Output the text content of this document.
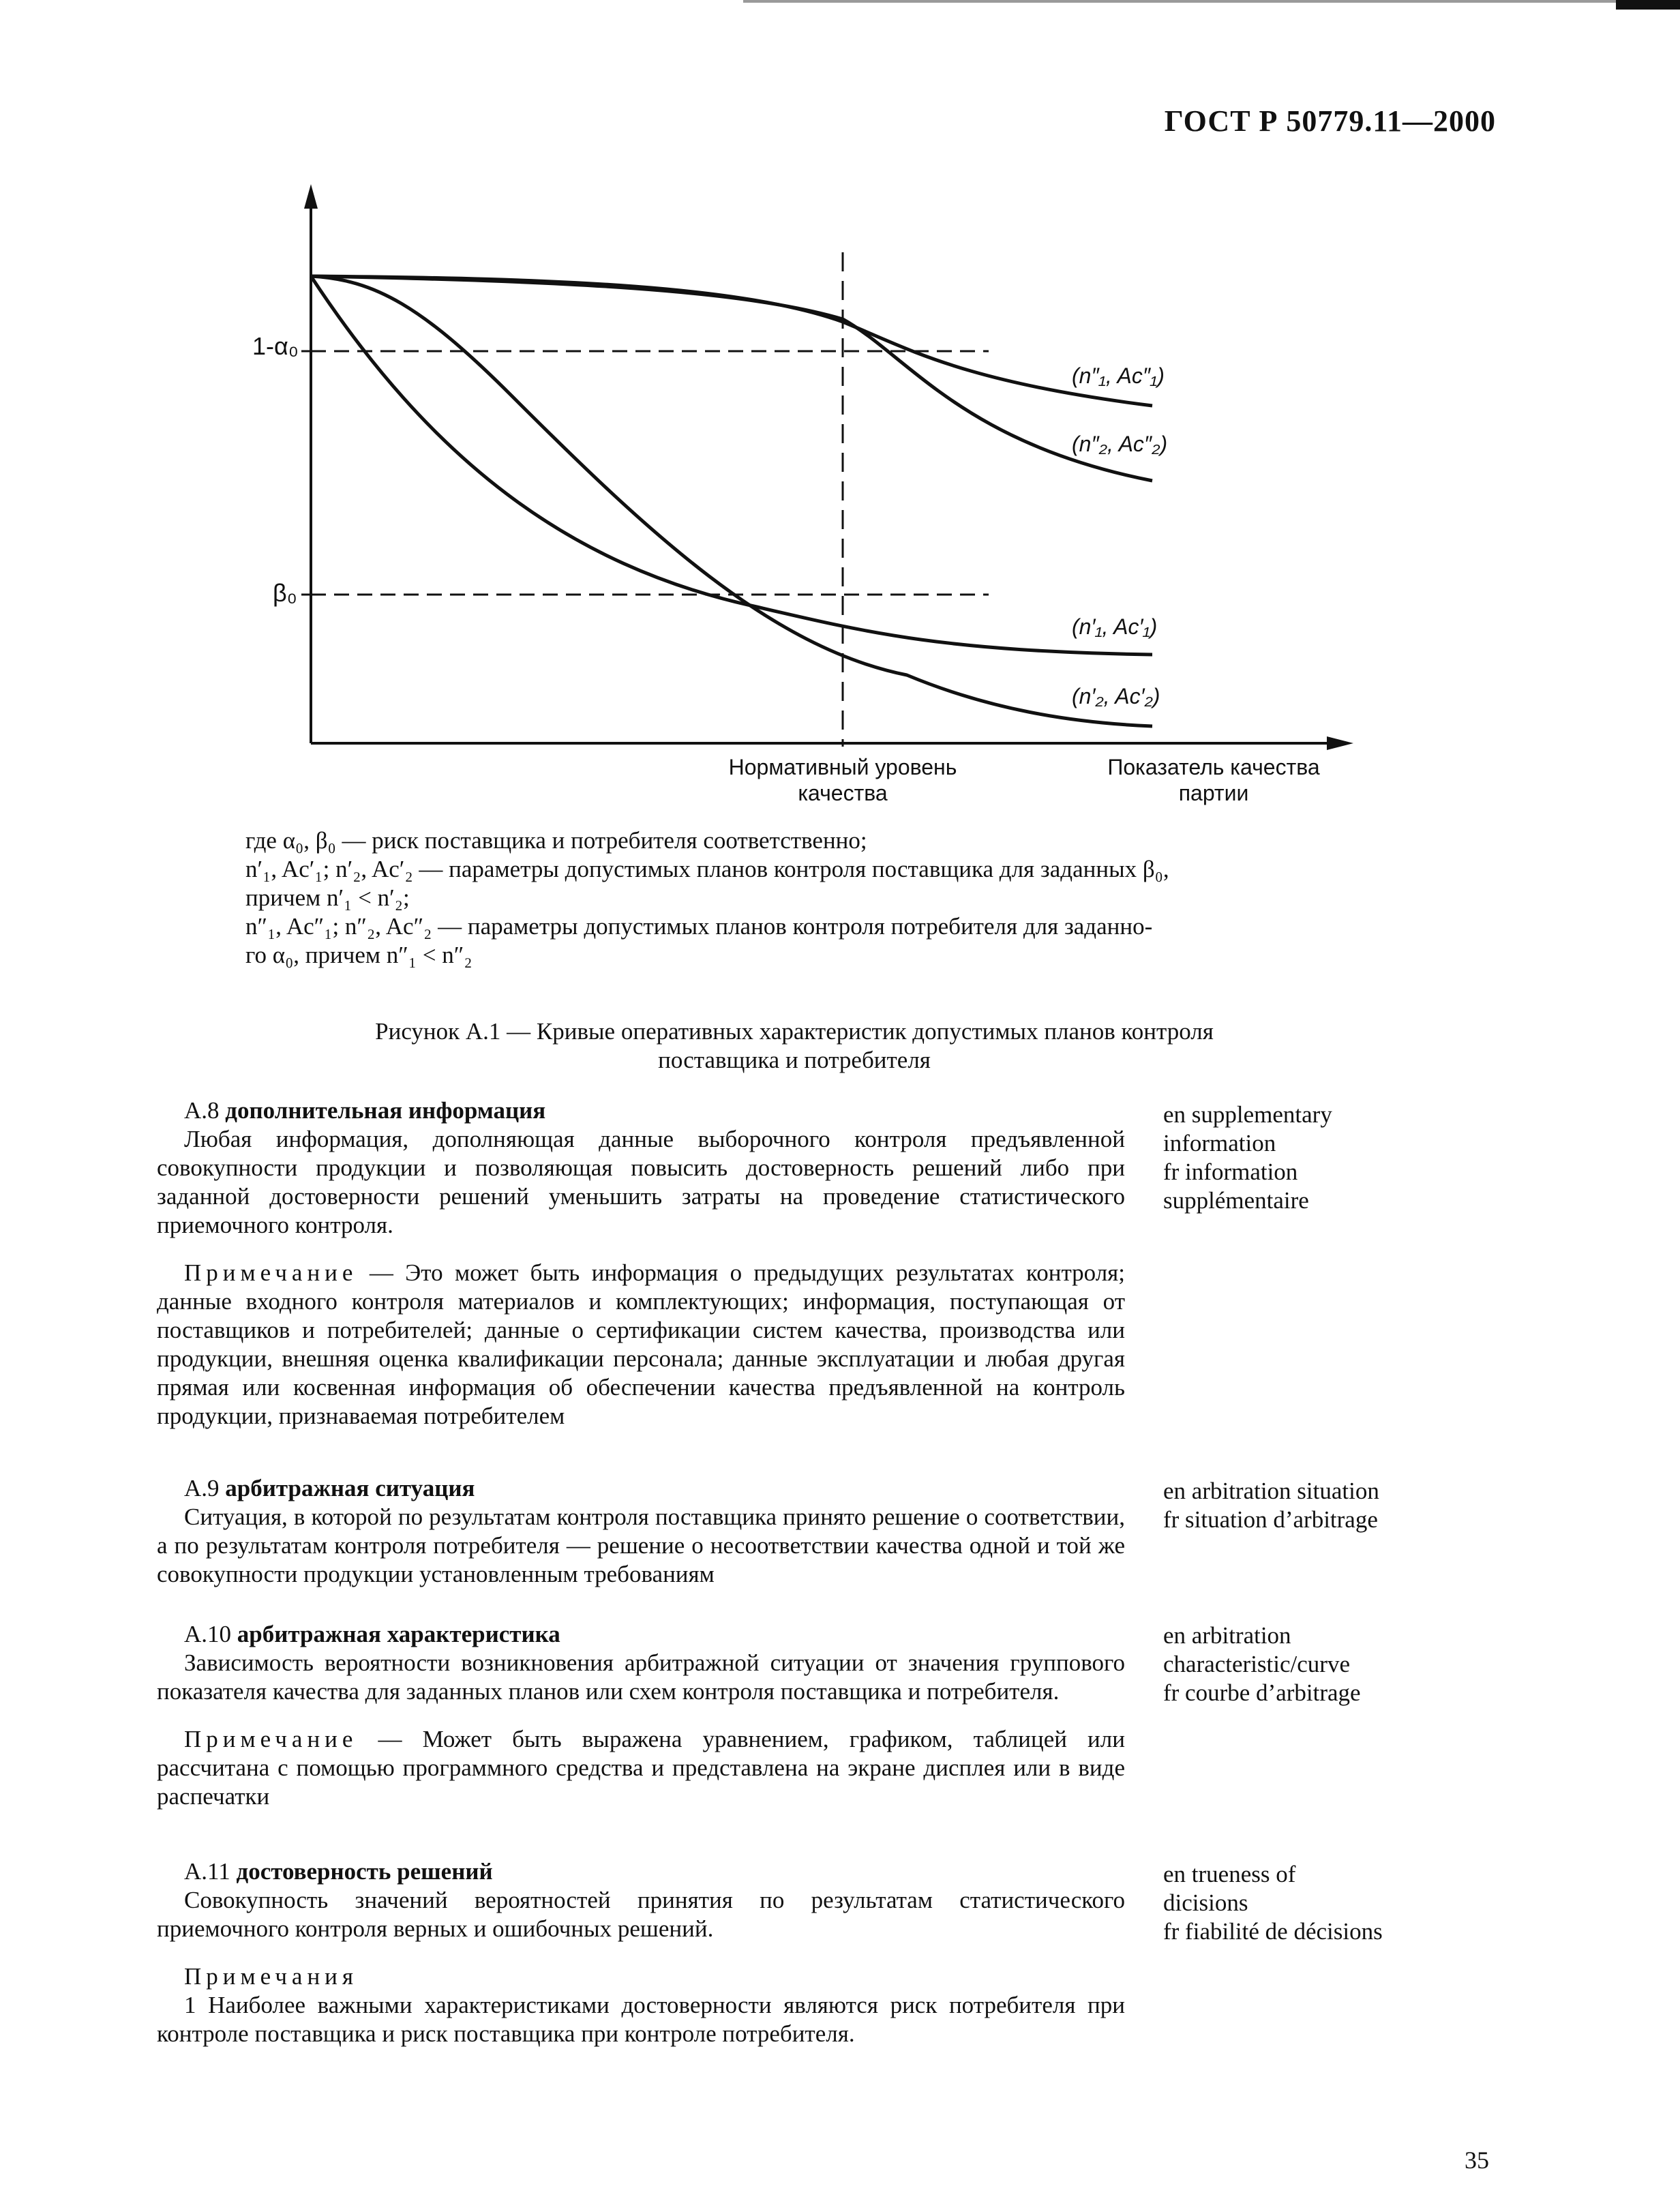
ГОСТ Р 50779.11—2000
1-α₀
β₀
(n″₁, Ac″₁)
(n″₂, Ac″₂)
(n′₁, Ac′₁)
(n′₂, Ac′₂)
Нормативный уровень
качества
Показатель качества
партии

где α₀, β₀ — риск поставщика и потребителя соответственно;

n′₁, Ac′₁; n′₂, Ac′₂ — параметры допустимых планов контроля поставщика для заданных β₀,

причем n′₁ < n′₂;

n″₁, Ac″₁; n″₂, Ac″₂ — параметры допустимых планов контроля потребителя для заданно-

го α₀, причем n″₁ < n″₂

Рисунок А.1 — Кривые оперативных характеристик допустимых планов контроля
поставщика и потребителя

А.8 дополнительная информация

Любая информация, дополняющая данные выборочного контроля предъявленной совокупности продукции и позволяющая повысить достоверность решений либо при заданной достоверности решений уменьшить затраты на проведение статистического приемочного контроля.

Примечание — Это может быть информация о предыдущих результатах контроля; данные входного контроля материалов и комплектующих; информация, поступающая от поставщиков и потребителей; данные о сертификации систем качества, производства или продукции, внешняя оценка квалификации персонала; данные эксплуатации и любая другая прямая или косвенная информация об обеспечении качества предъявленной на контроль продукции, признаваемая потребителем

en supplementary

information

fr information

supplémentaire

А.9 арбитражная ситуация

Ситуация, в которой по результатам контроля поставщика принято решение о соответствии, а по результатам контроля потребителя — решение о несоответствии качества одной и той же совокупности продукции установленным требованиям

en arbitration situation

fr situation d’arbitrage

А.10 арбитражная характеристика

Зависимость вероятности возникновения арбитражной ситуации от значения группового показателя качества для заданных планов или схем контроля поставщика и потребителя.

Примечание — Может быть выражена уравнением, графиком, таблицей или рассчитана с помощью программного средства и представлена на экране дисплея или в виде распечатки

en arbitration

characteristic/curve

fr courbe d’arbitrage

А.11 достоверность решений

Совокупность значений вероятностей принятия по результатам статистического приемочного контроля верных и ошибочных решений.

Примечания

1 Наиболее важными характеристиками достоверности являются риск потребителя при контроле поставщика и риск поставщика при контроле потребителя.

en trueness of

dicisions

fr fiabilité de décisions

35
